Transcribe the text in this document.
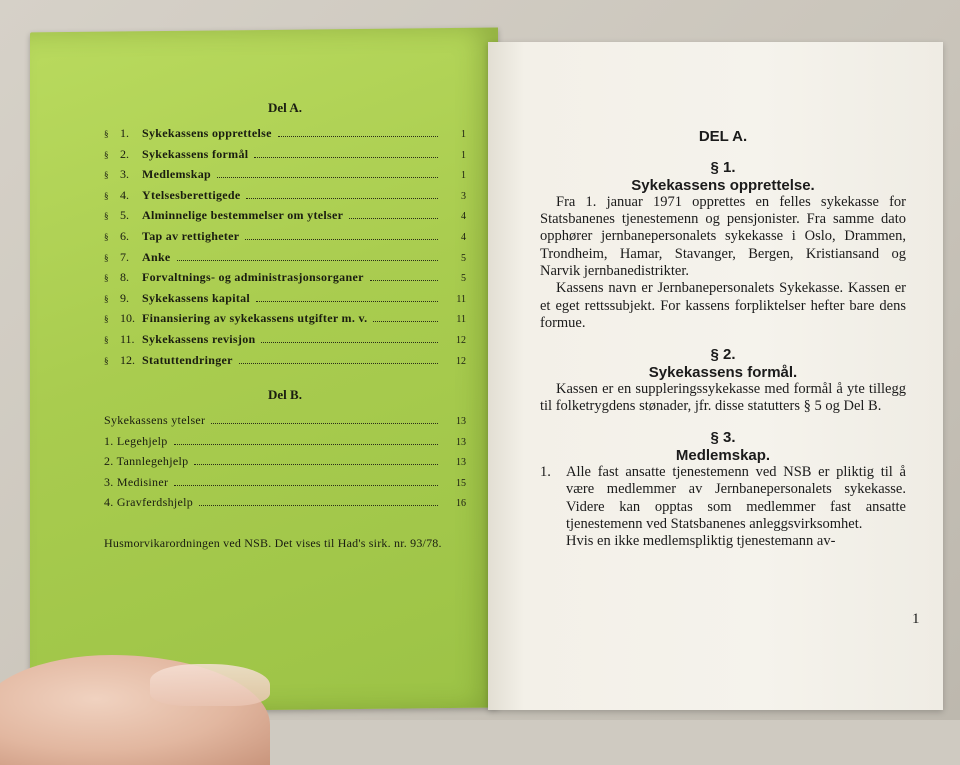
Del A.
§ 1.	Sykekassens opprettelse	1
§ 2.	Sykekassens formål	1
§ 3.	Medlemskap	1
§ 4.	Ytelsesberettigede	3
§ 5.	Alminnelige bestemmelser om ytelser	4
§ 6.	Tap av rettigheter	4
§ 7.	Anke	5
§ 8.	Forvaltnings- og administrasjonsorganer	5
§ 9.	Sykekassens kapital	11
§ 10. Finansiering av sykekassens utgifter m. v.	11
§ 11. Sykekassens revisjon	12
§ 12. Statuttendringer	12
Del B.
Sykekassens ytelser	13
1. Legehjelp	13
2. Tannlegehjelp	13
3. Medisiner	15
4. Gravferdshjelp	16
Husmorvikarordningen ved NSB. Det vises til Had's sirk. nr. 93/78.
DEL A.
§ 1.
Sykekassens opprettelse.
Fra 1. januar 1971 opprettes en felles sykekasse for Statsbanenes tjenestemenn og pensjonister. Fra samme dato opphører jernbanepersonalets sykekasse i Oslo, Drammen, Trondheim, Hamar, Stavanger, Bergen, Kristiansand og Narvik jernbanedistrikter.
Kassens navn er Jernbanepersonalets Sykekasse. Kassen er et eget rettssubjekt. For kassens forpliktelser hefter bare dens formue.
§ 2.
Sykekassens formål.
Kassen er en suppleringssykekasse med formål å yte tillegg til folketrygdens stønader, jfr. disse statutters § 5 og Del B.
§ 3.
Medlemskap.
1.	Alle fast ansatte tjenestemenn ved NSB er pliktig til å være medlemmer av Jernbanepersonalets sykekasse. Videre kan opptas som medlemmer fast ansatte tjenestemenn ved Statsbanenes anleggsvirksomhet.
Hvis en ikke medlemspliktig tjenestemann av-
1
